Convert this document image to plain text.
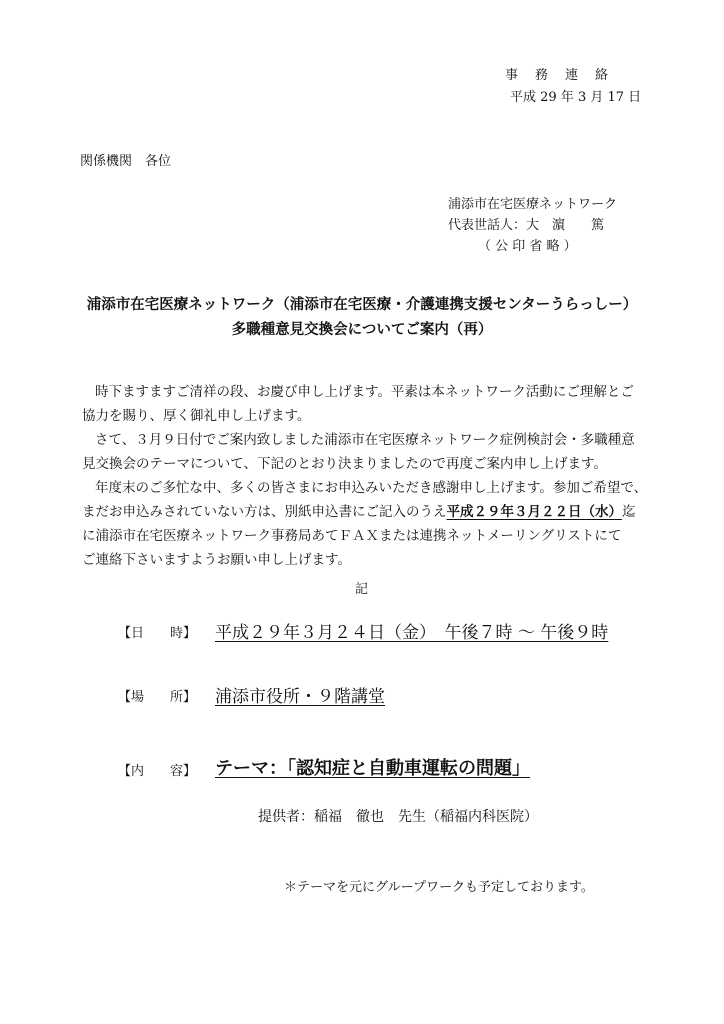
事務連絡
平成 29 年 3 月 17 日
関係機関　各位
浦添市在宅医療ネットワーク
代表世話人：大　濵　　篤
（ 公 印 省 略 ）
浦添市在宅医療ネットワーク（浦添市在宅医療・介護連携支援センターうらっしー）
多職種意見交換会についてご案内（再）
時下ますますご清祥の段、お慶び申し上げます。平素は本ネットワーク活動にご理解とご
協力を賜り、厚く御礼申し上げます。
さて、３月９日付でご案内致しました浦添市在宅医療ネットワーク症例検討会・多職種意
見交換会のテーマについて、下記のとおり決まりましたので再度ご案内申し上げます。
年度末のご多忙な中、多くの皆さまにお申込みいただき感謝申し上げます。参加ご希望で、
まだお申込みされていない方は、別紙申込書にご記入のうえ平成２９年３月２２日（水）迄
に浦添市在宅医療ネットワーク事務局あてＦＡＸまたは連携ネットメーリングリストにて
ご連絡下さいますようお願い申し上げます。
記
【日　　時】 平成２９年３月２４日（金）　午後７時 ～ 午後９時
【場　　所】 浦添市役所・９階講堂
【内　　容】 テーマ：「認知症と自動車運転の問題」
提供者：稲福　徹也　先生（稲福内科医院）
＊テーマを元にグループワークも予定しております。
